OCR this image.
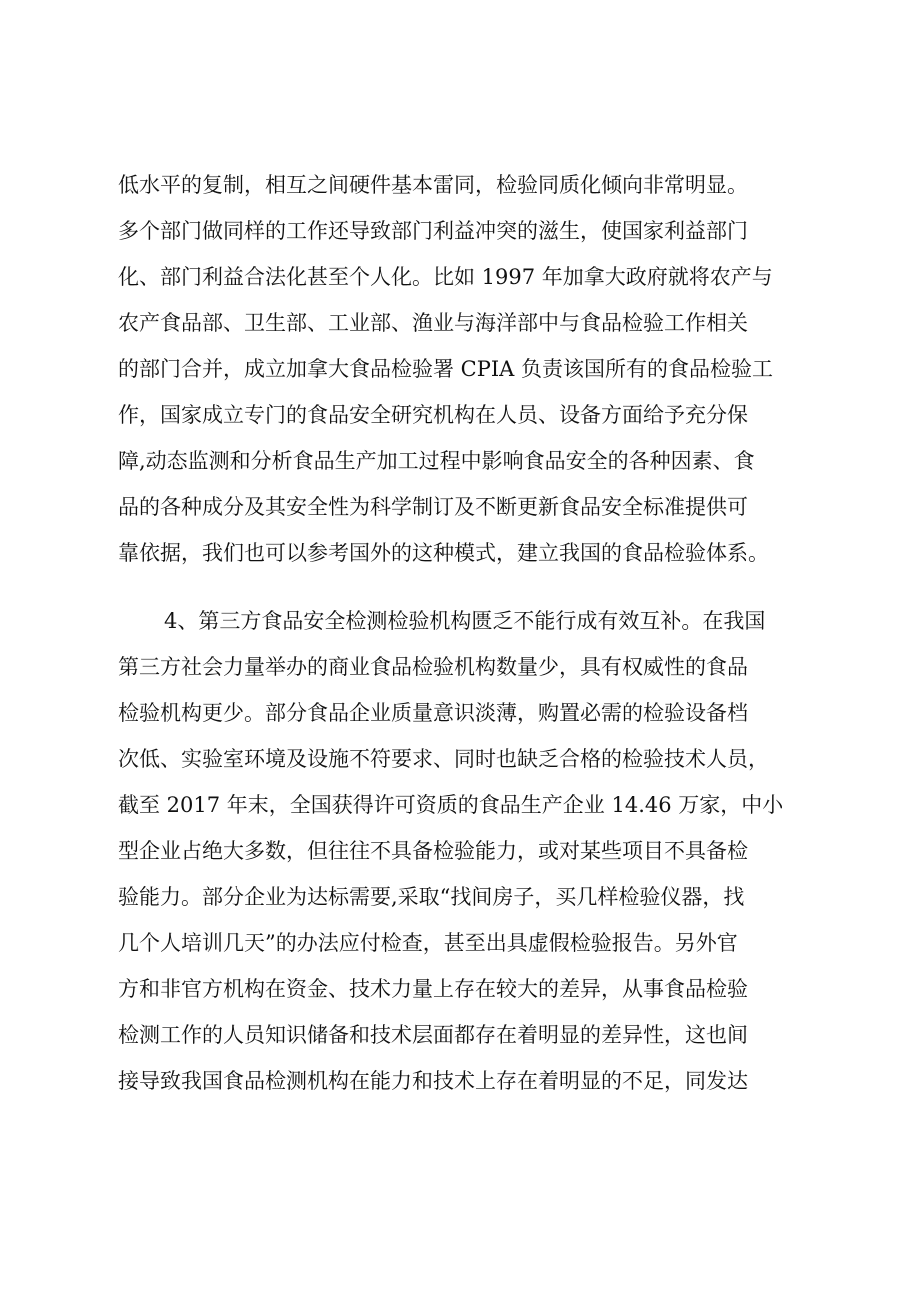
低水平的复制，相互之间硬件基本雷同，检验同质化倾向非常明显。
多个部门做同样的工作还导致部门利益冲突的滋生，使国家利益部门
化、部门利益合法化甚至个人化。比如 1997 年加拿大政府就将农产与
农产食品部、卫生部、工业部、渔业与海洋部中与食品检验工作相关
的部门合并，成立加拿大食品检验署 CPIA 负责该国所有的食品检验工
作，国家成立专门的食品安全研究机构在人员、设备方面给予充分保
障,动态监测和分析食品生产加工过程中影响食品安全的各种因素、食
品的各种成分及其安全性为科学制订及不断更新食品安全标准提供可
靠依据，我们也可以参考国外的这种模式，建立我国的食品检验体系。
4、第三方食品安全检测检验机构匮乏不能行成有效互补。在我国
第三方社会力量举办的商业食品检验机构数量少，具有权威性的食品
检验机构更少。部分食品企业质量意识淡薄，购置必需的检验设备档
次低、实验室环境及设施不符要求、同时也缺乏合格的检验技术人员，
截至 2017 年末，全国获得许可资质的食品生产企业 14.46 万家，中小
型企业占绝大多数，但往往不具备检验能力，或对某些项目不具备检
验能力。部分企业为达标需要,采取“找间房子，买几样检验仪器，找
几个人培训几天”的办法应付检查，甚至出具虚假检验报告。另外官
方和非官方机构在资金、技术力量上存在较大的差异，从事食品检验
检测工作的人员知识储备和技术层面都存在着明显的差异性，这也间
接导致我国食品检测机构在能力和技术上存在着明显的不足，同发达
